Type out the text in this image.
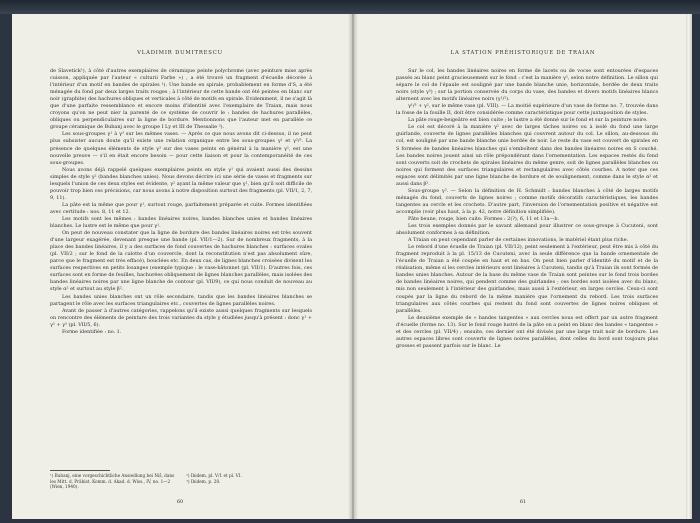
VLADIMIR DUMITRESCU

de Slavetick¹), à côté d'autres exemplaires de céramique peinte polychrome (avec peinture mise après cuisson, appliquée par l'auteur « culturii Farbe ») , a été trouvé un fragment d'écuelle décorée à l'intérieur d'un motif en bandes de spirales ¹). Une bande en spirale, probablement en forme d'S, a été ménagée du fond par deux larges traits rouges ; à l'intérieur de cette bande ont été peintes en blanc sur noir (graphite) des hachures obliques et verticales à côté de motifs en spirale. Evidemment, il ne s'agit là que d'une parfaite ressemblance et encore moins d'identité avec l'exemplaire de Traian, mais nous croyons qu'on ne peut nier la parenté de ce système de couvrir le : bandes de hachures parallèles, obliques ou perpendiculaires sur la ligne de bordure. Mentionnons que l'auteur met en parallèle ce groupe céramique de Bubanj avec le groupe I Ly et III de Thessalie ²).

Les sous-groupes γ¹ à γ³ sur les mêmes vases. — Après ce que nous avons dit ci-dessus, il ne peut plus subsister aucun doute qu'il existe une relation organique entre les sous-groupes γ¹ et γ²/³. La présence de quelques éléments de style γ² sur des vases peints en général à la manière γ¹, est une nouvelle preuve — s'il en était encore besoin — pour cette liaison et pour la contemporanéité de ces sous-groupes.

Nous avons déjà rappelé quelques exemplaires peints en style γ¹ qui avaient aussi des dessins simples de style γ² (bandes blanches unies). Nous devons décrire ici une série de vases et fragments sur lesquels l'union de ces deux styles est évidente, γ² ayant la même valeur que γ¹, bien qu'il soit difficile de pouvoir trop bien ces précisions, car nous avons à notre disposition surtout des fragments (pl. VII/1, 2, 7, 9, 11).

La pâte est la même que pour γ¹, surtout rouge, parfaitement préparée et cuite. Formes identifiées avec certitude : nos. 8, 11 et 12.

Les motifs sont les mêmes : bandes linéaires noires, bandes blanches unies et bandes linéaires blanches. Le lustre est le même que pour γ¹.

On peut de nouveau constater que la ligne de bordure des bandes linéaires noires est très souvent d'une largeur exagérée, devenant presque une bande (pl. VII/1—2). Sur de nombreux fragments, à la place des bandes linéaires, il y a des surfaces de fond couvertes de hachures blanches : surfaces ovales (pl. VII/2 ; sur le fond de la calotte d'un couvercle, dont la reconstitution n'est pas absolument sûre, parce que le fragment est très effacé), bouclées etc. En deux cas, de lignes blanches croisées divisent les surfaces respectives en petits losanges (exemple typique : le vase-bâtonnet (pl. VII/1). D'autres fois, ces surfaces sont en forme de feuilles, hachurées obliquement de lignes blanches parallèles, mais isolées des bandes linéaires noires par une ligne blanche de contour (pl. VII/9), ce qui nous conduit de nouveau au style α² et surtout au style β².

Les bandes unies blanches ont un rôle secondaire, tandis que les bandes linéaires blanches se partagent le rôle avec les surfaces triangulaires etc., couvertes de lignes parallèles noires.

Avant de passer à d'autres catégories, rappelons qu'il existe aussi quelques fragments sur lesquels on rencontre des éléments de peinture des trois variantes du style γ étudiées jusqu'à présent : donc γ¹ + γ² + γ³ (pl. VII/5, 6).

Forme identifiée : no. 1.

¹) Bubanj, eine vorgeschichtliche Ansiedlung bei Niš, dans les Mitt. d. Prähist. Komm. d. Akad. d. Wiss., IV, no. 1—2 (Wien, 1940).
²) Ibidem, pl. V/1 et pl. VI.
³) Ibidem, p. 28.
60
LA STATION PRÉHISTORIQUE DE TRAIAN

Sur le col, les bandes linéaires noires en forme de lacets ou de vocse sont entourées d'espaces passés au blanc peint gracieusement sur le fond : c'est la manière γ², selon notre définition. Le sillon qui sépare le col de l'épaule est souligné par une bande blanche unie, horizontale, bordée de deux traits noirs (style γ³) ; sur la portion conservée du corps du vase, des bandes et divers motifs linéaires blancs alternent avec les motifs linéaires noirs (γ¹/²).

γ¹/³ + γ², sur le même vase (pl. VIII). — La moitié supérieure d'un vase de forme no. 7, trouvée dans la fosse de la fouille II, doit être considérée comme caractéristique pour cette juxtaposition de styles.

La pâte rouge-beigeâtre est bien cuite ; le lustre a été donné sur le fond et sur la peinture noire.

Le col est décoré à la manière γ² avec de larges tâches noires ou à isolé du fond une large guirlande, couverte de lignes parallèles blanches qui couvrent autour du col. Le sillon, au-dessous du col, est souligné par une bande blanche unie bordée de noir. Le reste du vase est couvert de spirales en S formées de bandes linéaires blanches qui s'emboîtent dans des bandes linéaires noires en S couché. Les bandes noires jouent ainsi un rôle prépondérant dans l'ornementation. Les espaces restés du fond sont couverts soit de crochets de spirales linéaires du même genre, soit de lignes parallèles blanches ou noires qui forment des surfaces triangulaires et rectangulaires avec côtés courbes. A noter que ces espaces sont délimités par une ligne blanche de bordure et de soulignement, comme dans le style α² et aussi dans β².

Sous-groupe γ². — Selon la définition de H. Schmidt : bandes blanches à côté de larges motifs ménagés du fond, couverts de lignes noires ; comme motifs décoratifs caractéristiques, les bandes tangentes au cercle et les crochets. D'autre part, l'inversion de l'ornementation positive et négative est accomplie (voir plus haut, à la p. 42, notre définition simplifiée).

Pâte beune, rouge, bien cuite. Formes : 2(?), 6, 11 et 13a—b.

Les trois exemples donnés par le savant allemand pour illustrer ce sous-groupe à Cucuteni, sont absolument conformes à sa définition.

A Traian on peut cependant parler de certaines innovations, le matériel étant plus riche.

Le rebord d'une écuelle de Traian (pl. VII/12), peint seulement à l'extérieur, peut être mis à côté du fragment reproduit à la pl. 15/13 de Cucuteni, avec la seule différence que la bande ornementale de l'écuelle de Traian a été coupée en haut et en bas. On peut bien parler d'identité du motif et de la réalisation, même si les cercles intérieurs sont linéaires à Cucuteni, tandis qu'à Traian ils sont formés de bandes unies blanches. Autour de la base du même vase de Traian sont peintes sur le fond trois bordes de bandes linéaires noires, qui pendent comme des guirlandes ; ces bordes sont isolées avec du blanc, mis non seulement à l'intérieur des guirlandes, mais aussi à l'extérieur, en larges cercles. Ceux-ci sont coupés par la ligne du rebord de la même manière que l'ornement du rebord. Les trois surfaces triangulaires aux côtés courbes qui restent du fond sont couvertes de lignes noires obliques et parallèles.

Le deuxième exemple de « bandes tangentes » aux cercles nous est offert par un autre fragment d'écuelle (forme no. 13). Sur le fond rouge lustré de la pâte on a peint en blanc des bandes « tangentes » et des cercles (pl. VII/4) ; ensuite, ces dernier ont été divisés par une large trait noir de bordure. Les autres espaces libres sont couverts de lignes noires parallèles, dont celles du bord sont toujours plus grosses et passent parfois sur le blanc. Le

61
